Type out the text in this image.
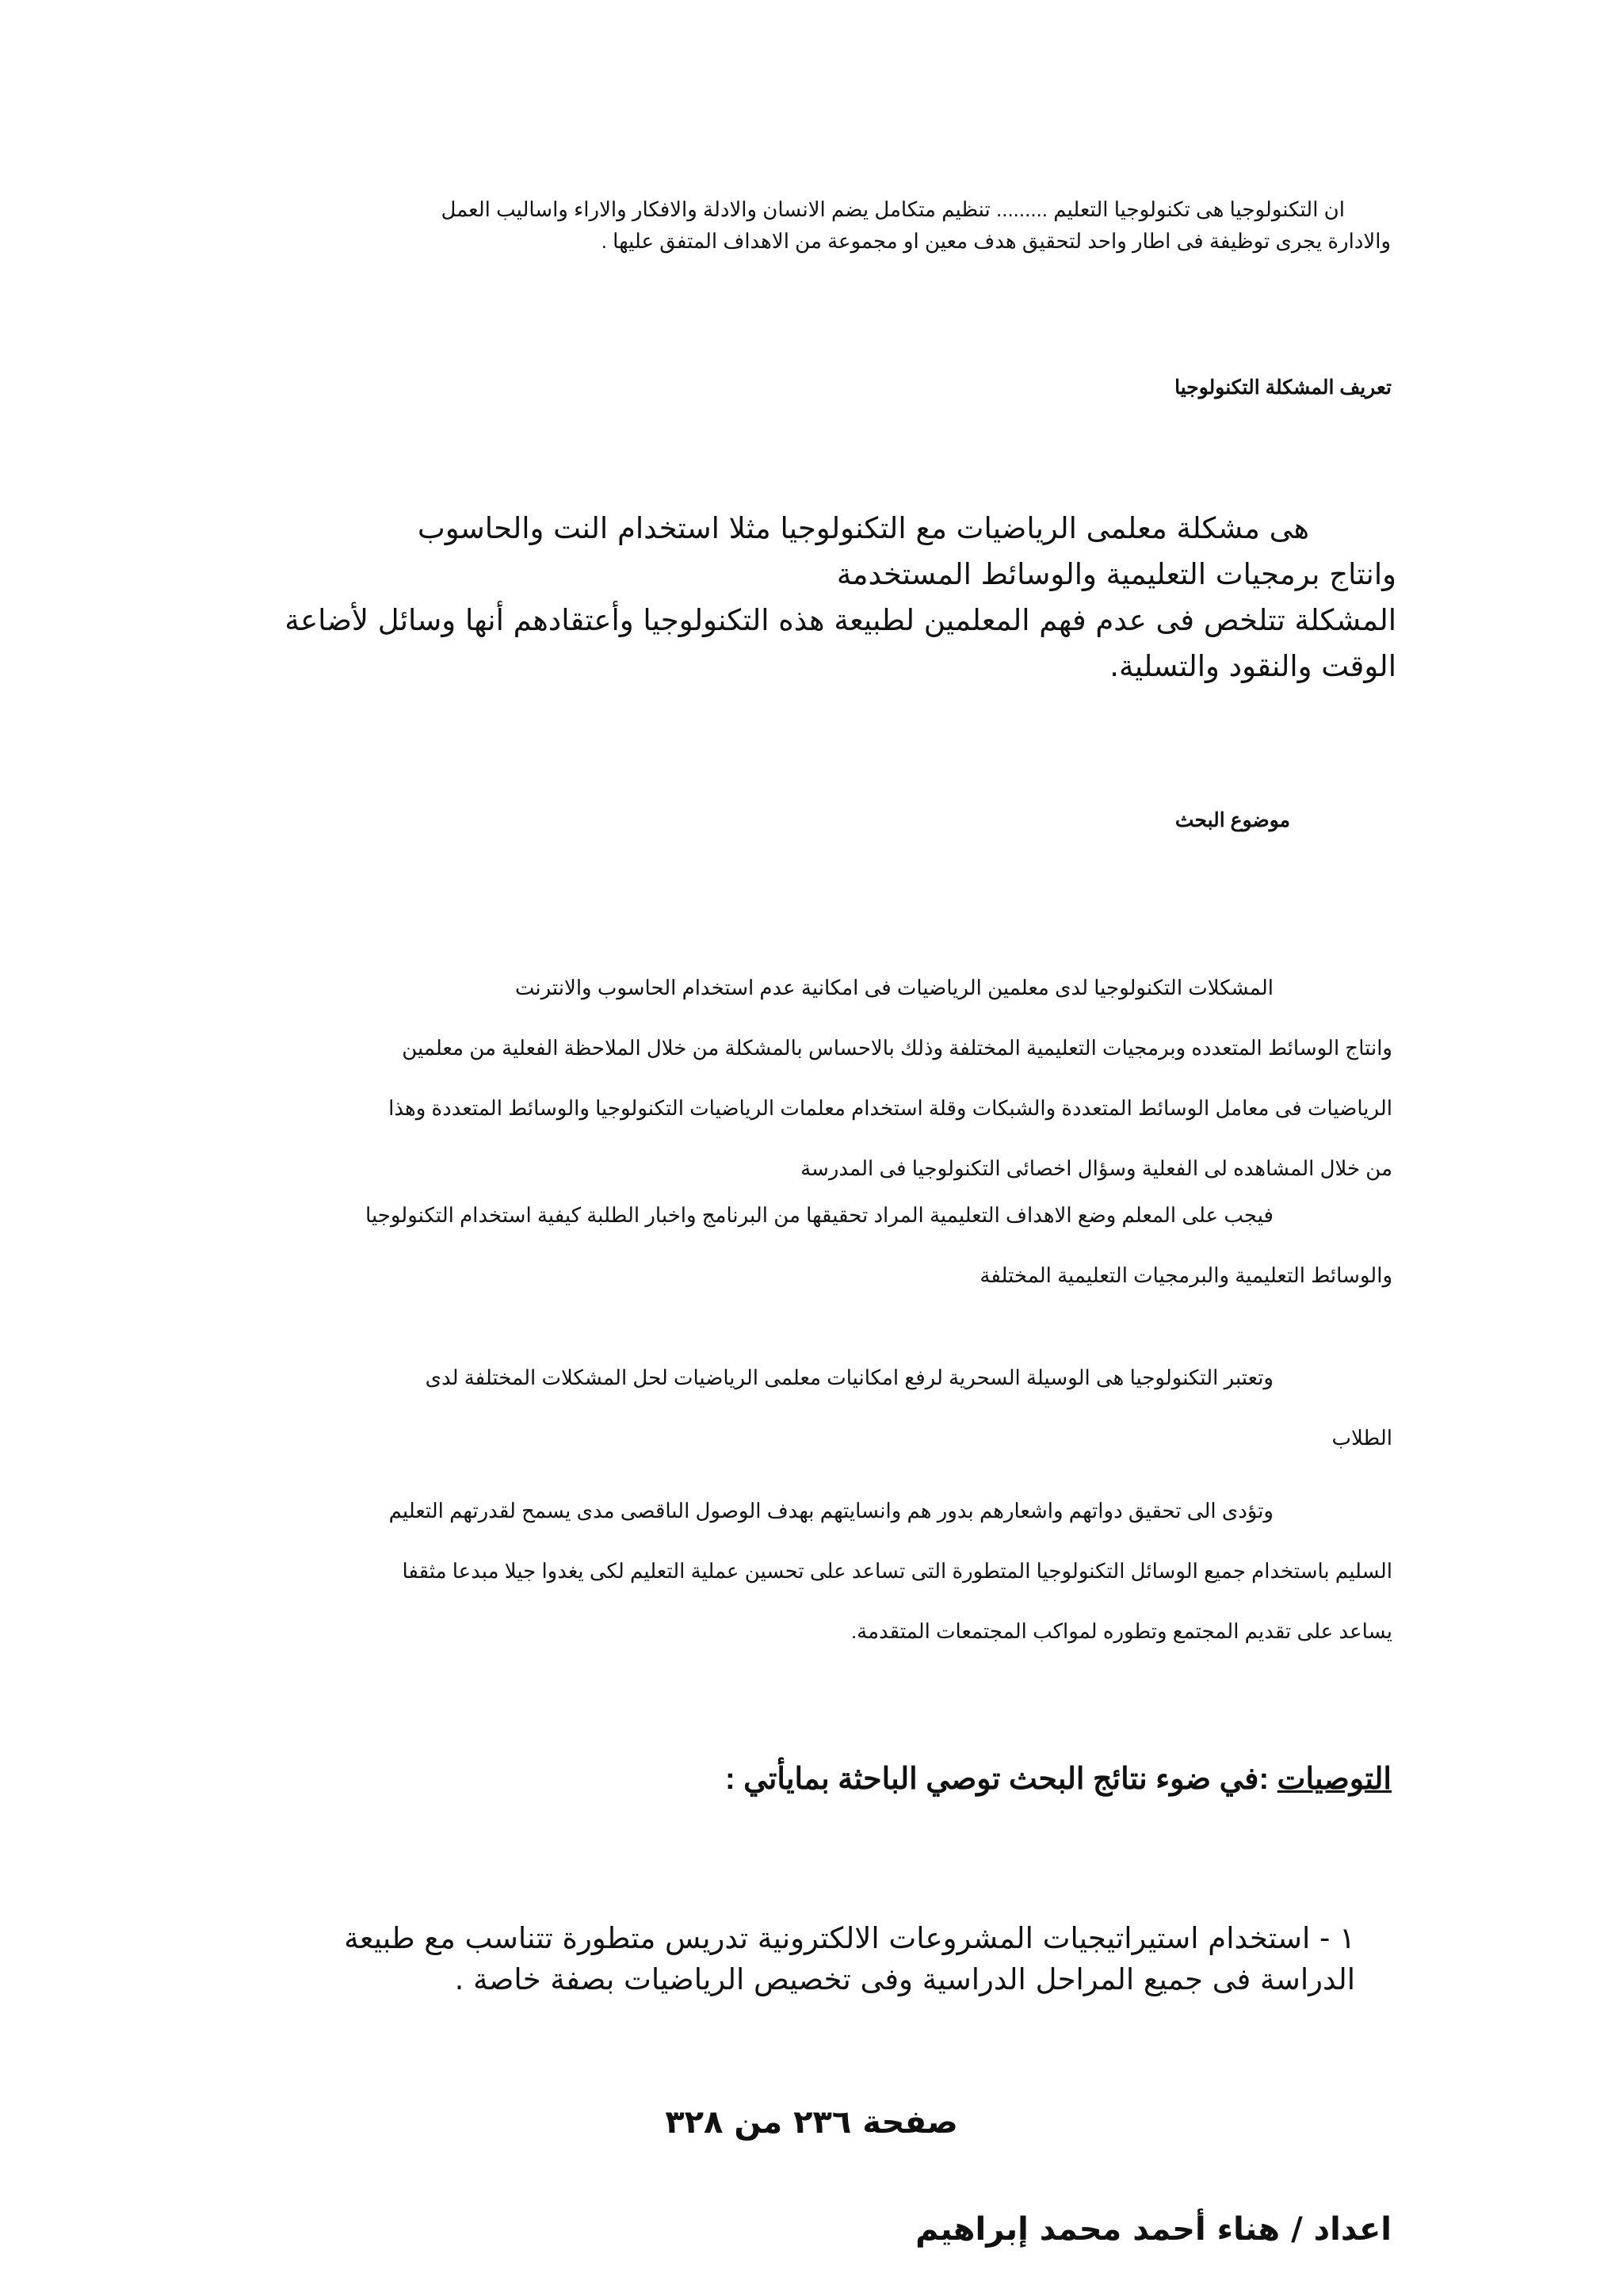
ان التكنولوجيا هى تكنولوجيا التعليم ......... تنظيم متكامل يضم الانسان والادلة والافكار والاراء واساليب العمل
والادارة يجرى توظيفة فى اطار واحد لتحقيق هدف معين او مجموعة من الاهداف المتفق عليها .
تعريف المشكلة التكنولوجيا
هى مشكلة معلمى الرياضيات مع التكنولوجيا مثلا استخدام النت والحاسوب
وانتاج برمجيات التعليمية والوسائط المستخدمة
المشكلة تتلخص فى عدم فهم المعلمين لطبيعة هذه التكنولوجيا وأعتقادهم أنها وسائل لأضاعة
الوقت والنقود والتسلية.
موضوع البحث
المشكلات التكنولوجيا لدى معلمين الرياضيات فى امكانية عدم استخدام الحاسوب والانترنت
وانتاج الوسائط المتعدده وبرمجيات التعليمية المختلفة وذلك بالاحساس بالمشكلة من خلال الملاحظة الفعلية من معلمين
الرياضيات فى معامل الوسائط المتعددة والشبكات وقلة استخدام معلمات الرياضيات التكنولوجيا والوسائط المتعددة وهذا
من خلال المشاهده لى الفعلية وسؤال اخصائى التكنولوجيا فى المدرسة
فيجب على المعلم وضع الاهداف التعليمية المراد تحقيقها من البرنامج واخبار الطلبة كيفية استخدام التكنولوجيا
والوسائط التعليمية والبرمجيات التعليمية المختلفة
وتعتبر التكنولوجيا هى الوسيلة السحرية لرفع امكانيات معلمى الرياضيات لحل المشكلات المختلفة لدى
الطلاب
وتؤدى الى تحقيق دواتهم واشعارهم بدور هم وانسايتهم بهدف الوصول الىاقصى مدى يسمح لقدرتهم التعليم
السليم باستخدام جميع الوسائل التكنولوجيا المتطورة التى تساعد على تحسين عملية التعليم لكى يغدوا جيلا مبدعا مثقفا
يساعد على تقديم المجتمع وتطوره لمواكب المجتمعات المتقدمة.
التوصيات :في ضوء نتائج البحث توصي الباحثة بمايأتي :
١ - استخدام استيراتيجيات المشروعات الالكترونية تدريس متطورة تتناسب مع طبيعة
الدراسة فى جميع المراحل الدراسية وفى تخصيص الرياضيات بصفة خاصة .
صفحة ٢٣٦ من ٣٢٨
اعداد / هناء أحمد محمد إبراهيم
